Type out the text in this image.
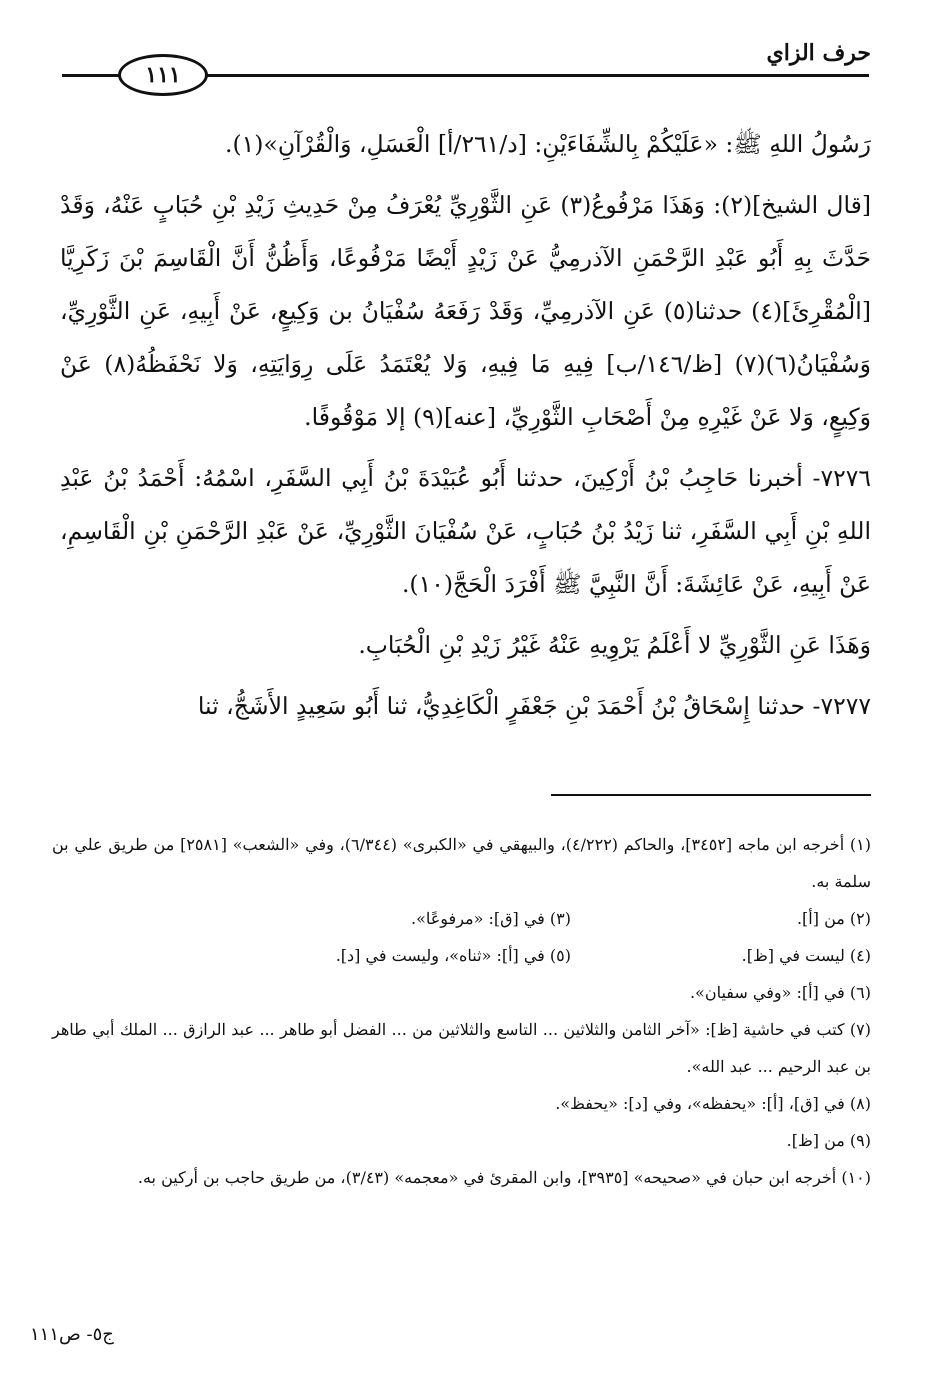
حرف الزاي
١١١

رَسُولُ اللهِ ﷺ: «عَلَيْكُمْ بِالشِّفَاءَيْنِ: [د/٢٦١/أ] الْعَسَلِ، وَالْقُرْآنِ»(١).

[قال الشيخ](٢): وَهَذَا مَرْفُوعُ(٣) عَنِ الثَّوْرِيِّ يُعْرَفُ مِنْ حَدِيثِ زَيْدِ بْنِ حُبَابٍ عَنْهُ، وَقَدْ حَدَّثَ بِهِ أَبُو عَبْدِ الرَّحْمَنِ الآذرمِيُّ عَنْ زَيْدٍ أَيْضًا مَرْفُوعًا، وَأَظُنُّ أَنَّ الْقَاسِمَ بْنَ زَكَرِيَّا [الْمُقْرِئَ](٤) حدثنا(٥) عَنِ الآذرمِيِّ، وَقَدْ رَفَعَهُ سُفْيَانُ بن وَكِيعٍ، عَنْ أَبِيهِ، عَنِ الثَّوْرِيِّ، وَسُفْيَانُ(٦)(٧) [ظ/١٤٦/ب] فِيهِ مَا فِيهِ، وَلا يُعْتَمَدُ عَلَى رِوَايَتِهِ، وَلا نَحْفَظُهُ(٨) عَنْ وَكِيعٍ، وَلا عَنْ غَيْرِهِ مِنْ أَصْحَابِ الثَّوْرِيِّ، [عنه](٩) إلا مَوْقُوفًا.

٧٢٧٦- أخبرنا حَاجِبُ بْنُ أَرْكِينَ، حدثنا أَبُو عُبَيْدَةَ بْنُ أَبِي السَّفَرِ، اسْمُهُ: أَحْمَدُ بْنُ عَبْدِ اللهِ بْنِ أَبِي السَّفَرِ، ثنا زَيْدُ بْنُ حُبَابٍ، عَنْ سُفْيَانَ الثَّوْرِيِّ، عَنْ عَبْدِ الرَّحْمَنِ بْنِ الْقَاسِمِ، عَنْ أَبِيهِ، عَنْ عَائِشَةَ: أَنَّ النَّبِيَّ ﷺ أَفْرَدَ الْحَجَّ(١٠).

وَهَذَا عَنِ الثَّوْرِيِّ لا أَعْلَمُ يَرْوِيهِ عَنْهُ غَيْرُ زَيْدِ بْنِ الْحُبَابِ.

٧٢٧٧- حدثنا إِسْحَاقُ بْنُ أَحْمَدَ بْنِ جَعْفَرٍ الْكَاغِدِيُّ، ثنا أَبُو سَعِيدٍ الأَشَجُّ، ثنا

(١) أخرجه ابن ماجه [٣٤٥٢]، والحاكم (٤/٢٢٢)، والبيهقي في «الكبرى» (٦/٣٤٤)، وفي «الشعب» [٢٥٨١] من طريق علي بن سلمة به.

(٢) من [أ].
(٣) في [ق]: «مرفوعًا».
(٤) ليست في [ظ].
(٥) في [أ]: «ثناه»، وليست في [د].

(٦) في [أ]: «وفي سفيان».

(٧) كتب في حاشية [ظ]: «آخر الثامن والثلاثين ... التاسع والثلاثين من ... الفضل أبو طاهر ... عبد الرازق ... الملك أبي طاهر بن عبد الرحيم ... عبد الله».

(٨) في [ق]، [أ]: «يحفظه»، وفي [د]: «يحفظ».

(٩) من [ظ].

(١٠) أخرجه ابن حبان في «صحيحه» [٣٩٣٥]، وابن المقرئ في «معجمه» (٣/٤٣)، من طريق حاجب بن أركين به.

ج٥- ص١١١
